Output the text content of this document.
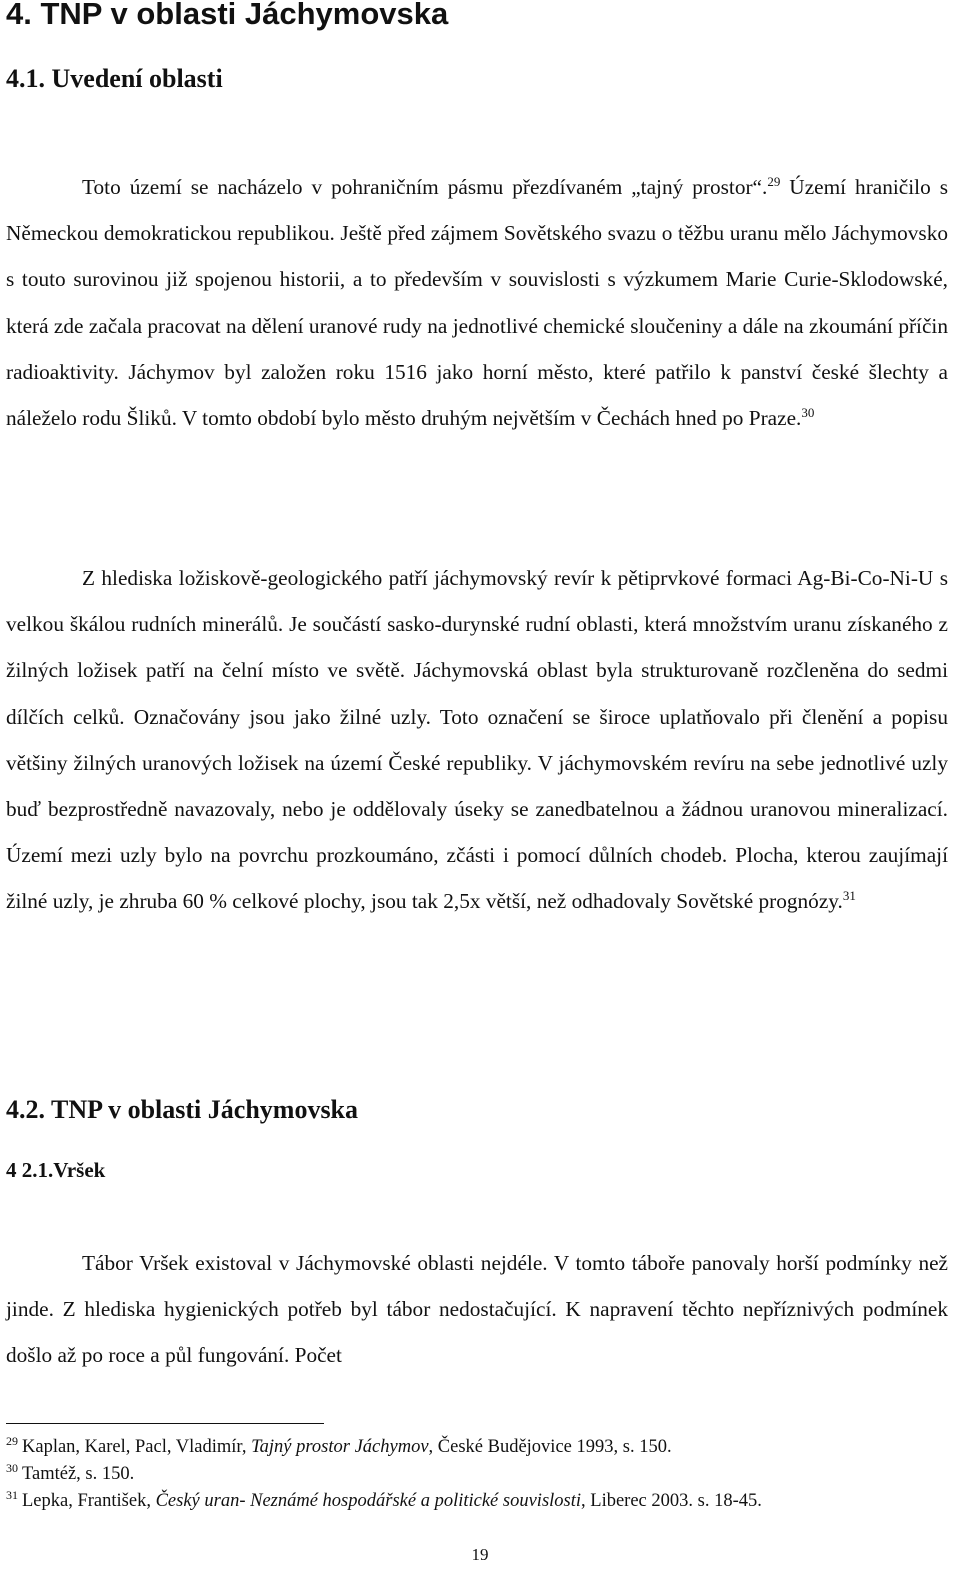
4. TNP v oblasti Jáchymovska
4.1. Uvedení oblasti

Toto území se nacházelo v pohraničním pásmu přezdívaném „tajný prostor“.$^{29}$ Území hraničilo s Německou demokratickou republikou. Ještě před zájmem Sovětského svazu o těžbu uranu mělo Jáchymovsko s touto surovinou již spojenou historii, a to především v souvislosti s výzkumem Marie Curie-Sklodowské, která zde začala pracovat na dělení uranové rudy na jednotlivé chemické sloučeniny a dále na zkoumání příčin radioaktivity. Jáchymov byl založen roku 1516 jako horní město, které patřilo k panství české šlechty a náleželo rodu Šliků. V tomto období bylo město druhým největším v Čechách hned po Praze.$^{30}$

Z hlediska ložiskově-geologického patří jáchymovský revír k pětiprvkové formaci Ag-Bi-Co-Ni-U s velkou škálou rudních minerálů. Je součástí sasko-durynské rudní oblasti, která množstvím uranu získaného z žilných ložisek patří na čelní místo ve světě. Jáchymovská oblast byla strukturovaně rozčleněna do sedmi dílčích celků. Označovány jsou jako žilné uzly. Toto označení se široce uplatňovalo při členění a popisu většiny žilných uranových ložisek na území České republiky. V jáchymovském revíru na sebe jednotlivé uzly buď bezprostředně navazovaly, nebo je oddělovaly úseky se zanedbatelnou a žádnou uranovou mineralizací. Území mezi uzly bylo na povrchu prozkoumáno, zčásti i pomocí důlních chodeb. Plocha, kterou zaujímají žilné uzly, je zhruba 60 % celkové plochy, jsou tak 2,5x větší, než odhadovaly Sovětské prognózy.$^{31}$

4.2. TNP v oblasti Jáchymovska
4 2.1.Vršek

Tábor Vršek existoval v Jáchymovské oblasti nejdéle. V tomto táboře panovaly horší podmínky než jinde. Z hlediska hygienických potřeb byl tábor nedostačující. K napravení těchto nepříznivých podmínek došlo až po roce a půl fungování. Počet

$^{29}$ Kaplan, Karel, Pacl, Vladimír, Tajný prostor Jáchymov, České Budějovice 1993, s. 150.

$^{30}$ Tamtéž, s. 150.

$^{31}$ Lepka, František, Český uran- Neznámé hospodářské a politické souvislosti, Liberec 2003. s. 18-45.

19
